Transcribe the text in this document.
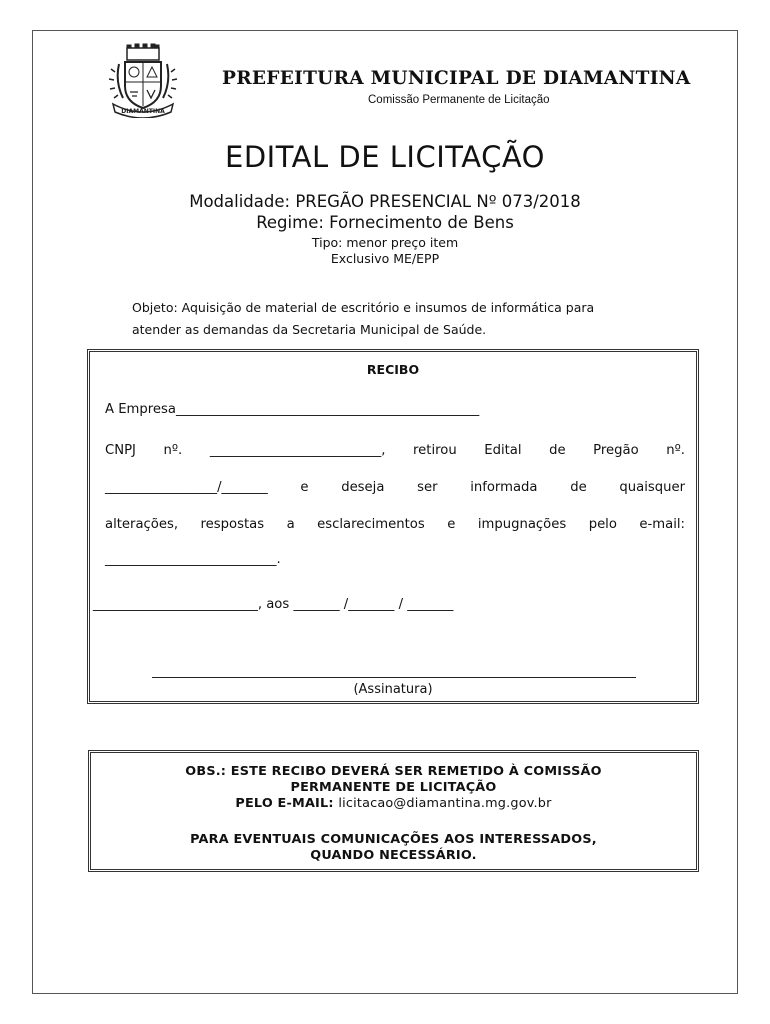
DIAMANTINA
PREFEITURA MUNICIPAL DE DIAMANTINA
Comissão Permanente de Licitação
EDITAL DE LICITAÇÃO
Modalidade: PREGÃO PRESENCIAL Nº 073/2018
Regime: Fornecimento de Bens
Tipo: menor preço item
Exclusivo ME/EPP
Objeto: Aquisição de material de escritório e insumos de informática para
atender as demandas da Secretaria Municipal de Saúde.
RECIBO
A Empresa______________________________________________
CNPJ nº. __________________________, retirou Edital de Pregão nº.
_________________/_______ e deseja ser informada de quaisquer
alterações, respostas a esclarecimentos e impugnações pelo e-mail:
__________________________.
_________________________, aos _______ /_______ / _______
(Assinatura)
OBS.: ESTE RECIBO DEVERÁ SER REMETIDO À COMISSÃO
PERMANENTE DE LICITAÇÃO
PELO E-MAIL: licitacao@diamantina.mg.gov.br
PARA EVENTUAIS COMUNICAÇÕES AOS INTERESSADOS,
QUANDO NECESSÁRIO.
